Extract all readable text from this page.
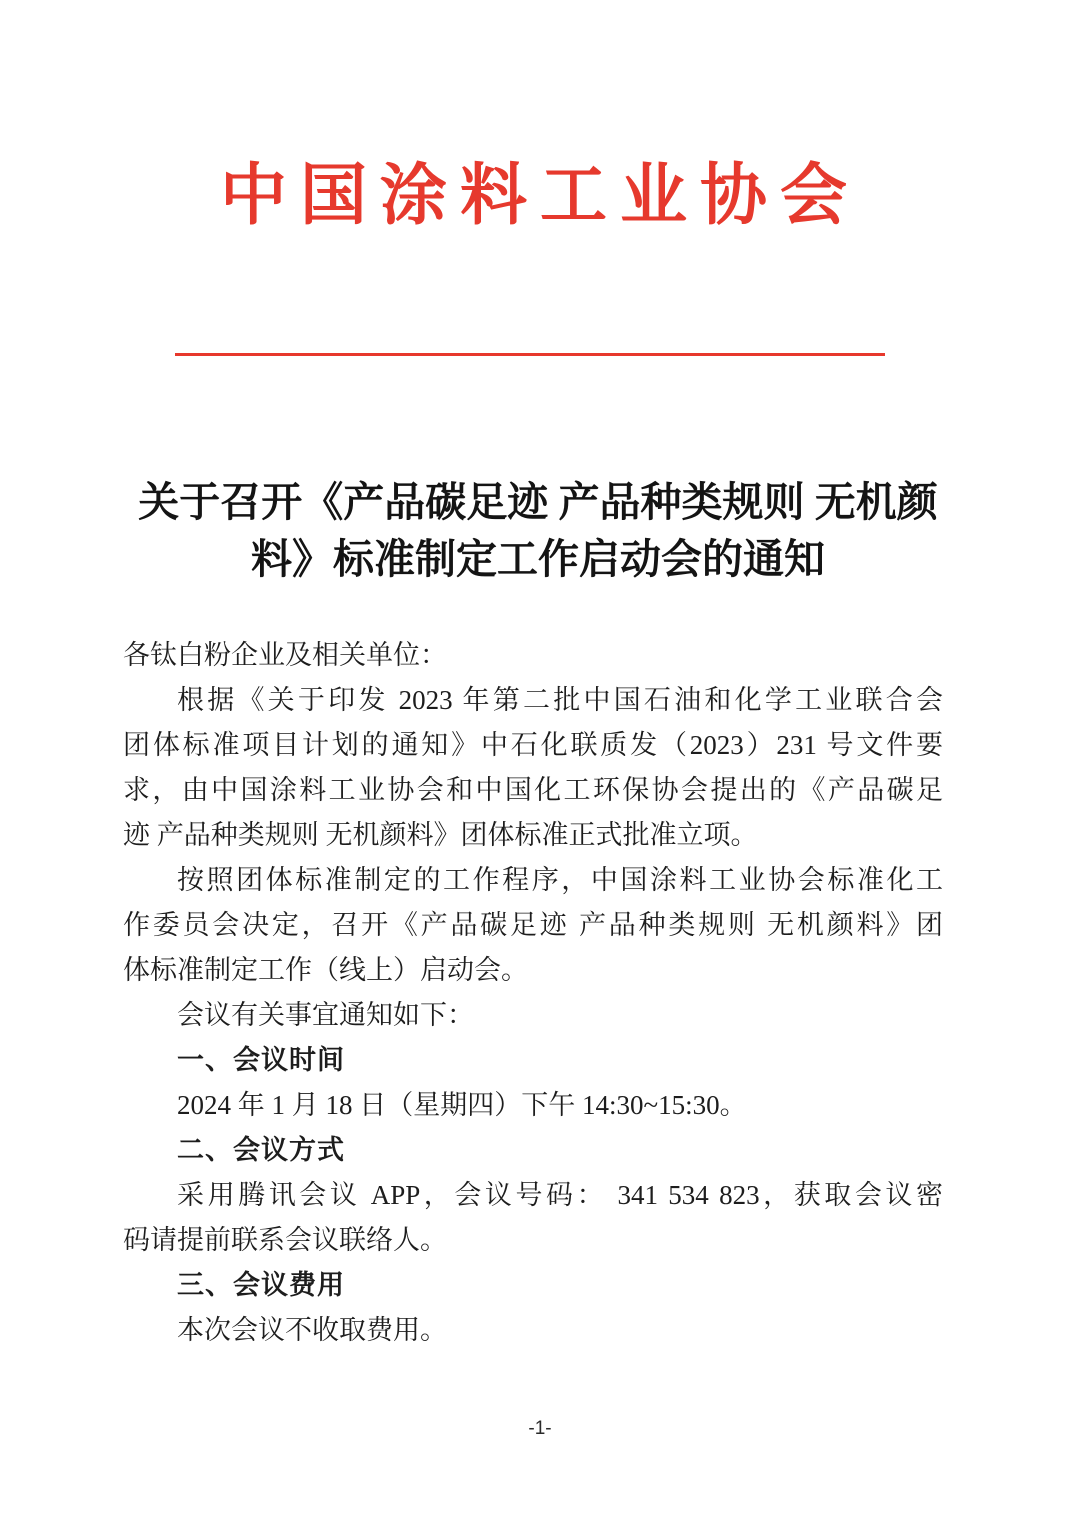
中国涂料工业协会
关于召开《产品碳足迹 产品种类规则 无机颜
料》标准制定工作启动会的通知
各钛白粉企业及相关单位：
根据《关于印发 2023 年第二批中国石油和化学工业联合会
团体标准项目计划的通知》中石化联质发（2023）231 号文件要
求，由中国涂料工业协会和中国化工环保协会提出的《产品碳足
迹 产品种类规则 无机颜料》团体标准正式批准立项。
按照团体标准制定的工作程序，中国涂料工业协会标准化工
作委员会决定，召开《产品碳足迹 产品种类规则 无机颜料》团
体标准制定工作（线上）启动会。
会议有关事宜通知如下：
一、会议时间
2024 年 1 月 18 日（星期四）下午 14:30~15:30。
二、会议方式
采用腾讯会议 APP，会议号码： 341 534 823，获取会议密
码请提前联系会议联络人。
三、会议费用
本次会议不收取费用。
-1-
